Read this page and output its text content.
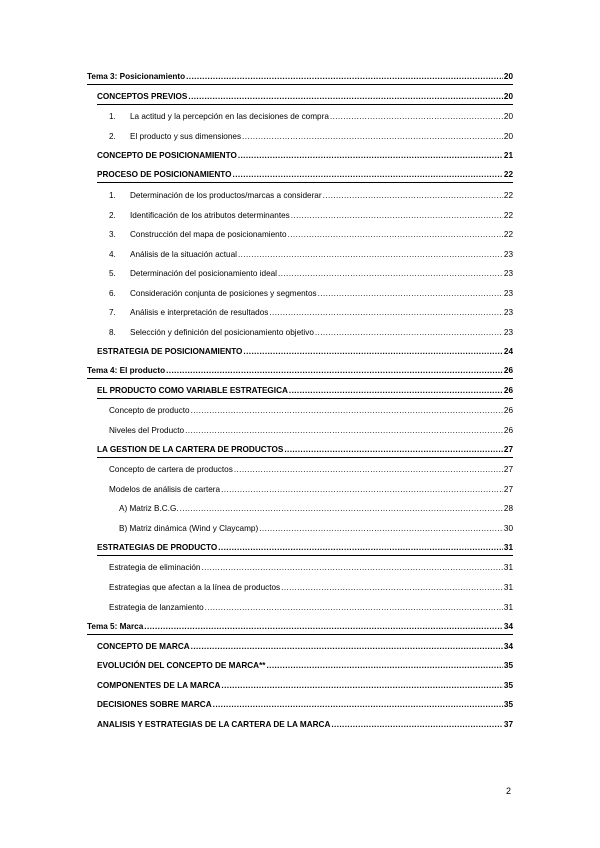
Tema 3: Posicionamiento .....	20
CONCEPTOS PREVIOS .....	20
1.	La actitud y la percepción en las decisiones de compra .....	20
2.	El producto y sus dimensiones .....	20
CONCEPTO DE POSICIONAMIENTO .....	21
PROCESO DE POSICIONAMIENTO .....	22
1.	Determinación de los productos/marcas a considerar .....	22
2.	Identificación de los atributos determinantes .....	22
3.	Construcción del mapa de posicionamiento .....	22
4.	Análisis de la situación actual .....	23
5.	Determinación del posicionamiento ideal .....	23
6.	Consideración conjunta de posiciones y segmentos .....	23
7.	Análisis e interpretación de resultados .....	23
8.	Selección y definición del posicionamiento objetivo .....	23
ESTRATEGIA DE POSICIONAMIENTO .....	24
Tema 4: El producto .....	26
EL PRODUCTO COMO VARIABLE ESTRATEGICA .....	26
Concepto de producto .....	26
Niveles del Producto .....	26
LA GESTION DE LA CARTERA DE PRODUCTOS .....	27
Concepto de cartera de productos .....	27
Modelos de análisis de cartera .....	27
A) Matriz B.C.G. .....	28
B) Matriz dinámica (Wind y Claycamp) .....	30
ESTRATEGIAS DE PRODUCTO .....	31
Estrategia de eliminación .....	31
Estrategias que afectan a la línea de productos .....	31
Estrategia de lanzamiento .....	31
Tema 5: Marca .....	34
CONCEPTO DE MARCA .....	34
EVOLUCIÓN DEL CONCEPTO DE MARCA** .....	35
COMPONENTES DE LA MARCA .....	35
DECISIONES SOBRE MARCA .....	35
ANALISIS Y ESTRATEGIAS DE LA CARTERA DE LA MARCA .....	37
2
